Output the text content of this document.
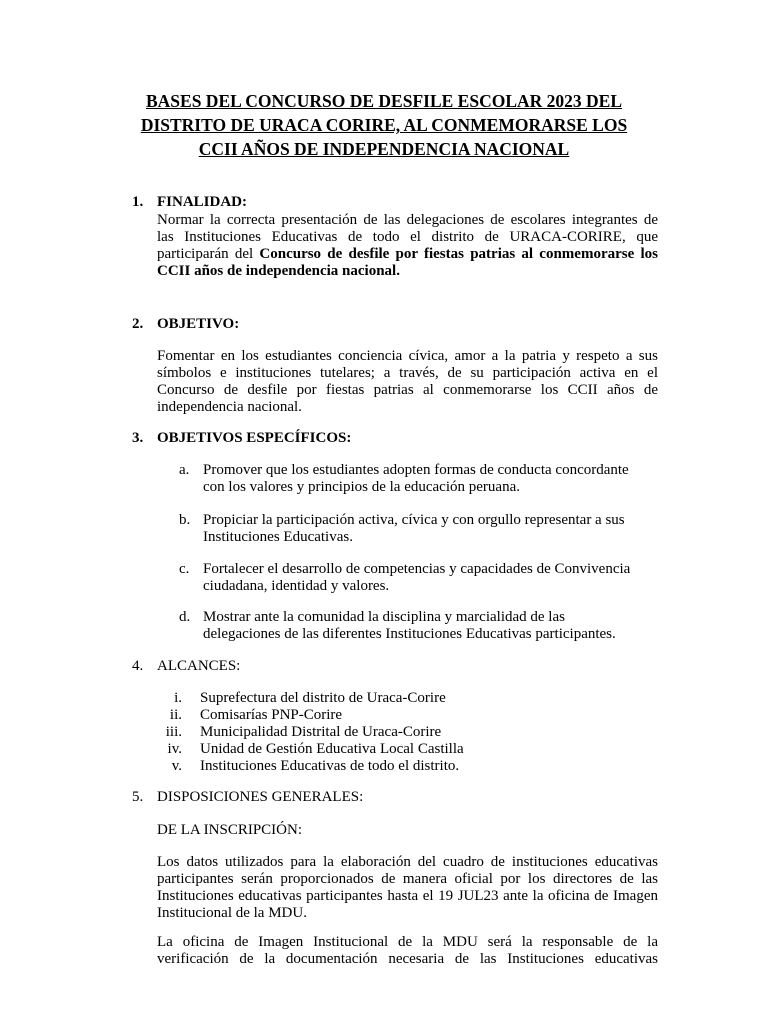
BASES DEL CONCURSO DE DESFILE ESCOLAR 2023 DEL
DISTRITO DE URACA CORIRE, AL CONMEMORARSE LOS
CCII AÑOS DE INDEPENDENCIA NACIONAL
1. FINALIDAD:
Normar la correcta presentación de las delegaciones de escolares integrantes de
las Instituciones Educativas de todo el distrito de URACA-CORIRE, que
participarán del Concurso de desfile por fiestas patrias al conmemorarse los
CCII años de independencia nacional.
2. OBJETIVO:
Fomentar en los estudiantes conciencia cívica, amor a la patria y respeto a sus
símbolos e instituciones tutelares; a través, de su participación activa en el
Concurso de desfile por fiestas patrias al conmemorarse los CCII años de
independencia nacional.
3. OBJETIVOS ESPECÍFICOS:
a. Promover que los estudiantes adopten formas de conducta concordante
con los valores y principios de la educación peruana.
b. Propiciar la participación activa, cívica y con orgullo representar a sus
Instituciones Educativas.
c. Fortalecer el desarrollo de competencias y capacidades de Convivencia
ciudadana, identidad y valores.
d. Mostrar ante la comunidad la disciplina y marcialidad de las
delegaciones de las diferentes Instituciones Educativas participantes.
4. ALCANCES:
i. Suprefectura del distrito de Uraca-Corire
ii. Comisarías PNP-Corire
iii. Municipalidad Distrital de Uraca-Corire
iv. Unidad de Gestión Educativa Local Castilla
v. Instituciones Educativas de todo el distrito.
5. DISPOSICIONES GENERALES:
DE LA INSCRIPCIÓN:
Los datos utilizados para la elaboración del cuadro de instituciones educativas
participantes serán proporcionados de manera oficial por los directores de las
Instituciones educativas participantes hasta el 19 JUL23 ante la oficina de Imagen
Institucional de la MDU.
La oficina de Imagen Institucional de la MDU será la responsable de la
verificación de la documentación necesaria de las Instituciones educativas
